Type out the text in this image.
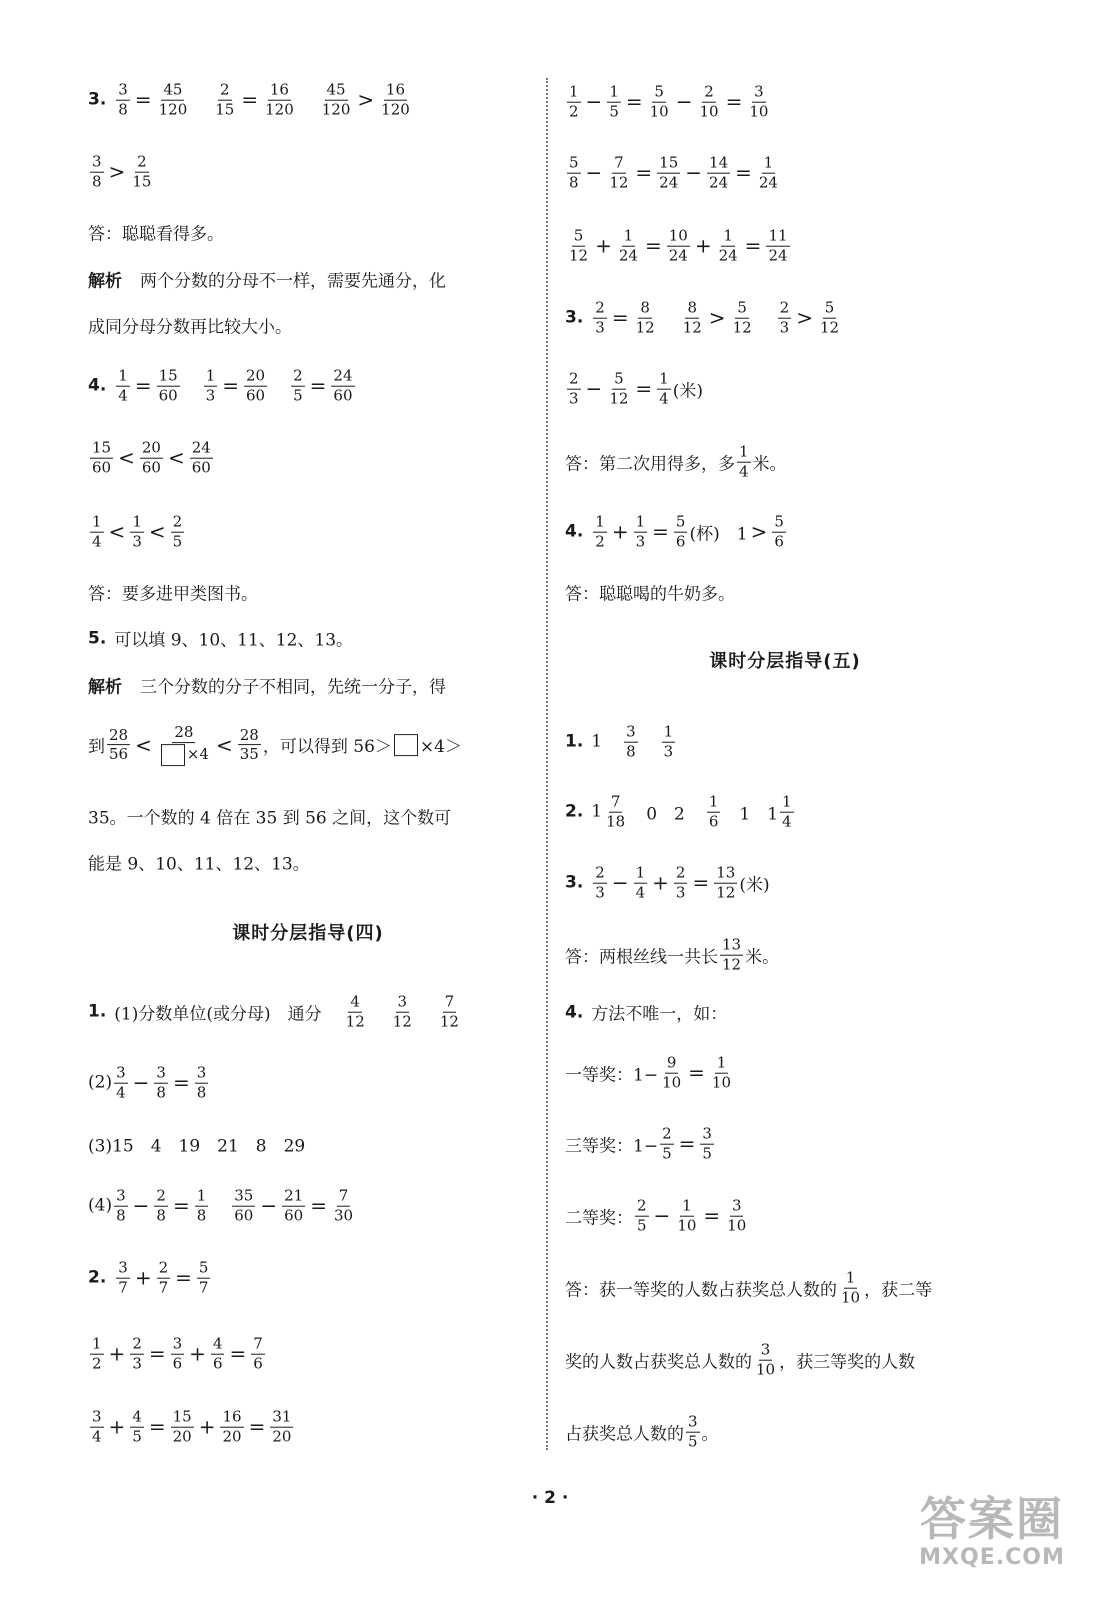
3. $\frac{3}{8} = \frac{45}{120} \frac{2}{15} = \frac{16}{120} \frac{45}{120} > \frac{16}{120}$
$\frac{3}{8} > \frac{2}{15}$
答：聪聪看得多。
解析 两个分数的分母不一样，需要先通分，化
成同分母分数再比较大小。
4. $\frac{1}{4} = \frac{15}{60} \frac{1}{3} = \frac{20}{60} \frac{2}{5} = \frac{24}{60}$
$\frac{15}{60} < \frac{20}{60} < \frac{24}{60}$
$\frac{1}{4} < \frac{1}{3} < \frac{2}{5}$
答：要多进甲类图书。
5. 可以填 9、10、11、12、13。
解析 三个分数的分子不相同，先统一分子，得
到 $\frac{28}{56} < \frac{28}{\times 4} < \frac{28}{35}$ ，可以得到 56＞ ×4＞
35。一个数的 4 倍在 35 到 56 之间，这个数可
能是 9、10、11、12、13。
1. (1)分数单位(或分母)　通分 $\frac{4}{12} \frac{3}{12} \frac{7}{12}$
$(2) \frac{3}{4} - \frac{3}{8} = \frac{3}{8}$
(3)15　4　19　21　8　29
$(4) \frac{3}{8} - \frac{2}{8} = \frac{1}{8} \frac{35}{60} - \frac{21}{60} = \frac{7}{30}$
2. $\frac{3}{7} + \frac{2}{7} = \frac{5}{7}$
$\frac{1}{2} + \frac{2}{3} = \frac{3}{6} + \frac{4}{6} = \frac{7}{6}$
$\frac{3}{4} + \frac{4}{5} = \frac{15}{20} + \frac{16}{20} = \frac{31}{20}$
$\frac{1}{2} - \frac{1}{5} = \frac{5}{10} - \frac{2}{10} = \frac{3}{10}$
$\frac{5}{8} - \frac{7}{12} = \frac{15}{24} - \frac{14}{24} = \frac{1}{24}$
$\frac{5}{12} + \frac{1}{24} = \frac{10}{24} + \frac{1}{24} = \frac{11}{24}$
3. $\frac{2}{3} = \frac{8}{12} \frac{8}{12} > \frac{5}{12} \frac{2}{3} > \frac{5}{12}$
$\frac{2}{3} - \frac{5}{12} = \frac{1}{4}$ (米)
答：第二次用得多，多 $\frac{1}{4}$ 米。
4. $\frac{1}{2} + \frac{1}{3} = \frac{5}{6}$ (杯)　$1 > \frac{5}{6}$
答：聪聪喝的牛奶多。
1. $1 \frac{3}{8} \frac{1}{3}$
2. $1 \frac{7}{18}$ 　0　$2 \frac{1}{6}$ 　1　$1 \frac{1}{4}$
3. $\frac{2}{3} - \frac{1}{4} + \frac{2}{3} = \frac{13}{12}$ (米)
答：两根丝线一共长 $\frac{13}{12}$ 米。
4. 方法不唯一，如：
一等奖：$1- \frac{9}{10} = \frac{1}{10}$
三等奖：$1- \frac{2}{5} = \frac{3}{5}$
二等奖： $\frac{2}{5} - \frac{1}{10} = \frac{3}{10}$
答：获一等奖的人数占获奖总人数的 $\frac{1}{10}$ ，获二等
奖的人数占获奖总人数的 $\frac{3}{10}$ ，获三等奖的人数
占获奖总人数的 $\frac{3}{5}$ 。
· 2 ·	答案圈
MXQE.COM
课时分层指导(四)
课时分层指导(五)
